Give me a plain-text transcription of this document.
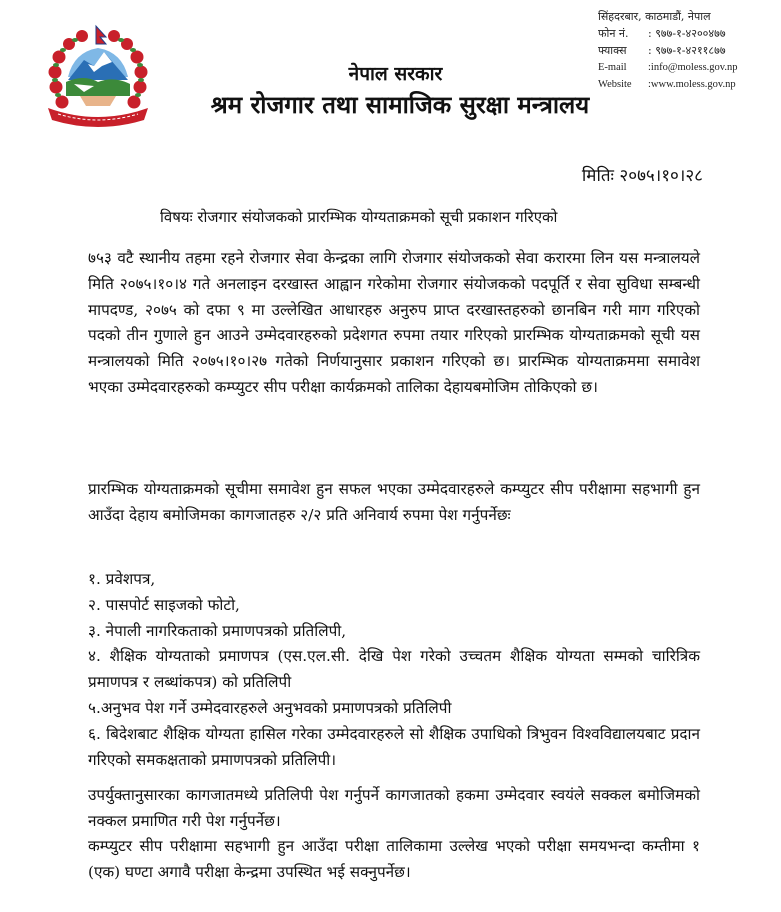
सिंहदरबार, काठमाडौं, नेपाल
फोन नं.	: ९७७-१-४२००४७७
फ्याक्स	: ९७७-१-४२११८७७
E-mail	:info@moless.gov.np
Website	:www.moless.gov.np
नेपाल सरकार
श्रम रोजगार तथा सामाजिक सुरक्षा मन्त्रालय
मितिः २०७५।१०।२८
विषयः रोजगार संयोजकको प्रारम्भिक योग्यताक्रमको सूची प्रकाशन गरिएको
७५३ वटै स्थानीय तहमा रहने रोजगार सेवा केन्द्रका लागि रोजगार संयोजकको सेवा करारमा लिन यस मन्त्रालयले मिति २०७५।१०।४ गते अनलाइन दरखास्त आह्वान गरेकोमा रोजगार संयोजकको पदपूर्ति र सेवा सुविधा सम्बन्धी मापदण्ड, २०७५ को दफा ९ मा उल्लेखित आधारहरु अनुरुप प्राप्त दरखास्तहरुको छानबिन गरी माग गरिएको पदको तीन गुणाले हुन आउने उम्मेदवारहरुको प्रदेशगत रुपमा तयार गरिएको प्रारम्भिक योग्यताक्रमको सूची यस मन्त्रालयको मिति २०७५।१०।२७ गतेको निर्णयानुसार प्रकाशन गरिएको छ। प्रारम्भिक योग्यताक्रममा समावेश भएका उम्मेदवारहरुको कम्प्युटर सीप परीक्षा कार्यक्रमको तालिका देहायबमोजिम तोकिएको छ।
प्रारम्भिक योग्यताक्रमको सूचीमा समावेश हुन सफल भएका उम्मेदवारहरुले कम्प्युटर सीप परीक्षामा सहभागी हुन आउँदा देहाय बमोजिमका कागजातहरु २/२ प्रति अनिवार्य रुपमा पेश गर्नुपर्नेछः
१. प्रवेशपत्र,
२. पासपोर्ट साइजको फोटो,
३. नेपाली नागरिकताको प्रमाणपत्रको प्रतिलिपी,
४. शैक्षिक योग्यताको प्रमाणपत्र (एस.एल.सी. देखि पेश गरेको उच्चतम शैक्षिक योग्यता सम्मको चारित्रिक प्रमाणपत्र र लब्धांकपत्र) को प्रतिलिपी
५.अनुभव पेश गर्ने उम्मेदवारहरुले अनुभवको प्रमाणपत्रको प्रतिलिपी
६. बिदेशबाट शैक्षिक योग्यता हासिल गरेका उम्मेदवारहरुले सो शैक्षिक उपाधिको त्रिभुवन विश्वविद्यालयबाट प्रदान गरिएको समकक्षताको प्रमाणपत्रको प्रतिलिपी।
उपर्युक्तानुसारका कागजातमध्ये प्रतिलिपी पेश गर्नुपर्ने कागजातको हकमा उम्मेदवार स्वयंले सक्कल बमोजिमको नक्कल प्रमाणित गरी पेश गर्नुपर्नेछ।
कम्प्युटर सीप परीक्षामा सहभागी हुन आउँदा परीक्षा तालिकामा उल्लेख भएको परीक्षा समयभन्दा कम्तीमा १ (एक) घण्टा अगावै परीक्षा केन्द्रमा उपस्थित भई सक्नुपर्नेछ।
